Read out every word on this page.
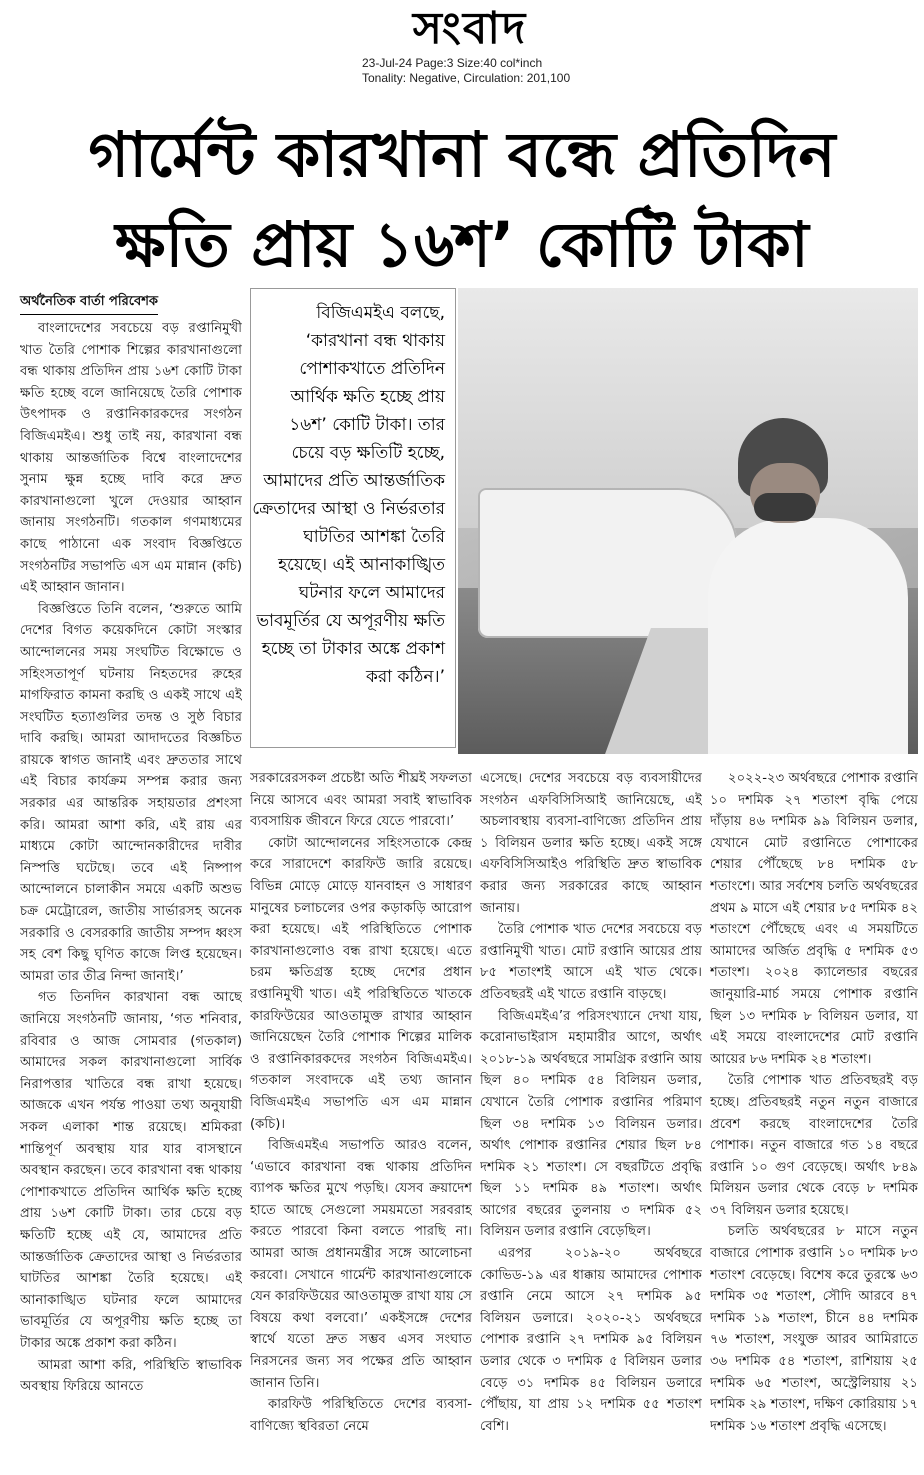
সংবাদ
23-Jul-24 Page:3 Size:40 col*inch
Tonality: Negative, Circulation: 201,100
গার্মেন্ট কারখানা বন্ধে প্রতিদিন
ক্ষতি প্রায় ১৬শ’ কোটি টাকা
অর্থনৈতিক বার্তা পরিবেশক

বাংলাদেশের সবচেয়ে বড় রপ্তানিমুখী খাত তৈরি পোশাক শিল্পের কারখানাগুলো বন্ধ থাকায় প্রতিদিন প্রায় ১৬শ কোটি টাকা ক্ষতি হচ্ছে বলে জানিয়েছে তৈরি পোশাক উৎপাদক ও রপ্তানিকারকদের সংগঠন বিজিএমইএ। শুধু তাই নয়, কারখানা বন্ধ থাকায় আন্তর্জাতিক বিশ্বে বাংলাদেশের সুনাম ক্ষুন্ন হচ্ছে দাবি করে দ্রুত কারখানাগুলো খুলে দেওয়ার আহ্বান জানায় সংগঠনটি। গতকাল গণমাধ্যমের কাছে পাঠানো এক সংবাদ বিজ্ঞপ্তিতে সংগঠনটির সভাপতি এস এম মান্নান (কচি) এই আহ্বান জানান।

বিজ্ঞপ্তিতে তিনি বলেন, ‘শুরুতে আমি দেশের বিগত কয়েকদিনে কোটা সংস্কার আন্দোলনের সময় সংঘটিত বিক্ষোভে ও সহিংসতাপূর্ণ ঘটনায় নিহতদের রুহের মাগফিরাত কামনা করছি ও একই সাথে এই সংঘটিত হত্যাগুলির তদন্ত ও সুষ্ঠ বিচার দাবি করছি। আমরা আদাদতের বিজ্ঞচিত রায়কে স্বাগত জানাই এবং দ্রুততার সাথে এই বিচার কার্যক্রম সম্পন্ন করার জন্য সরকার এর আন্তরিক সহায়তার প্রশংসা করি। আমরা আশা করি, এই রায় এর মাধ্যমে কোটা আন্দোনকারীদের দাবীর নিস্পত্তি ঘটেছে। তবে এই নিষ্পাপ আন্দোলনে চালাকীন সময়ে একটি অশুভ চক্র মেট্রোরেল, জাতীয় সার্ভারসহ অনেক সরকারি ও বেসরকারি জাতীয় সম্পদ ধ্বংস সহ বেশ কিছু ঘৃণিত কাজে লিপ্ত হয়েছেন। আমরা তার তীব্র নিন্দা জানাই।’

গত তিনদিন কারখানা বন্ধ আছে জানিয়ে সংগঠনটি জানায়, ‘গত শনিবার, রবিবার ও আজ সোমবার (গতকাল) আমাদের সকল কারখানাগুলো সার্বিক নিরাপত্তার খাতিরে বন্ধ রাখা হয়েছে। আজকে এখন পর্যন্ত পাওয়া তথ্য অনুযায়ী সকল এলাকা শান্ত রয়েছে। শ্রমিকরা শান্তিপূর্ণ অবস্থায় যার যার বাসস্থানে অবস্থান করছেন। তবে কারখানা বন্ধ থাকায় পোশাকখাতে প্রতিদিন আর্থিক ক্ষতি হচ্ছে প্রায় ১৬শ কোটি টাকা। তার চেয়ে বড় ক্ষতিটি হচ্ছে এই যে, আমাদের প্রতি আন্তর্জাতিক ক্রেতাদের আস্থা ও নির্ভরতার ঘাটতির আশঙ্কা তৈরি হয়েছে। এই আনাকাঙ্খিত ঘটনার ফলে আমাদের ভাবমূর্তির যে অপূরণীয় ক্ষতি হচ্ছে তা টাকার অঙ্কে প্রকাশ করা কঠিন।

আমরা আশা করি, পরিস্থিতি স্বাভাবিক অবস্থায় ফিরিয়ে আনতে

বিজিএমইএ বলছে, ‘কারখানা বন্ধ থাকায় পোশাকখাতে প্রতিদিন আর্থিক ক্ষতি হচ্ছে প্রায় ১৬শ’ কোটি টাকা। তার চেয়ে বড় ক্ষতিটি হচ্ছে, আমাদের প্রতি আন্তর্জাতিক ক্রেতাদের আস্থা ও নির্ভরতার ঘাটতির আশঙ্কা তৈরি হয়েছে। এই আনাকাঙ্খিত ঘটনার ফলে আমাদের ভাবমূর্তির যে অপূরণীয় ক্ষতি হচ্ছে তা টাকার অঙ্কে প্রকাশ করা কঠিন।’

সরকারেরসকল প্রচেষ্টা অতি শীঘ্রই সফলতা নিয়ে আসবে এবং আমরা সবাই স্বাভাবিক ব্যবসায়িক জীবনে ফিরে যেতে পারবো।’

কোটা আন্দোলনের সহিংসতাকে কেন্দ্র করে সারাদেশে কারফিউ জারি রয়েছে। বিভিন্ন মোড়ে মোড়ে যানবাহন ও সাধারণ মানুষের চলাচলের ওপর কড়াকড়ি আরোপ করা হয়েছে। এই পরিস্থিতিতে পোশাক কারখানাগুলোও বন্ধ রাখা হয়েছে। এতে চরম ক্ষতিগ্রস্ত হচ্ছে দেশের প্রধান রপ্তানিমুখী খাত। এই পরিস্থিতিতে খাতকে কারফিউয়ের আওতামুক্ত রাখার আহ্বান জানিয়েছেন তৈরি পোশাক শিল্পের মালিক ও রপ্তানিকারকদের সংগঠন বিজিএমইএ। গতকাল সংবাদকে এই তথ্য জানান বিজিএমইএ সভাপতি এস এম মান্নান (কচি)।

বিজিএমইএ সভাপতি আরও বলেন, ‘এভাবে কারখানা বন্ধ থাকায় প্রতিদিন ব্যাপক ক্ষতির মুখে পড়ছি। যেসব ক্রয়াদেশ হাতে আছে সেগুলো সময়মতো সরবরাহ করতে পারবো কিনা বলতে পারছি না। আমরা আজ প্রধানমন্ত্রীর সঙ্গে আলোচনা করবো। সেখানে গার্মেন্ট কারখানাগুলোকে যেন কারফিউয়ের আওতামুক্ত রাখা যায় সে বিষয়ে কথা বলবো।’ একইসঙ্গে দেশের স্বার্থে যতো দ্রুত সম্ভব এসব সংঘাত নিরসনের জন্য সব পক্ষের প্রতি আহ্বান জানান তিনি।

কারফিউ পরিস্থিতিতে দেশের ব্যবসা-বাণিজ্যে স্থবিরতা নেমে

এসেছে। দেশের সবচেয়ে বড় ব্যবসায়ীদের সংগঠন এফবিসিসিআই জানিয়েছে, এই অচলাবস্থায় ব্যবসা-বাণিজ্যে প্রতিদিন প্রায় ১ বিলিয়ন ডলার ক্ষতি হচ্ছে। একই সঙ্গে এফবিসিসিআইও পরিস্থিতি দ্রুত স্বাভাবিক করার জন্য সরকারের কাছে আহ্বান জানায়।

তৈরি পোশাক খাত দেশের সবচেয়ে বড় রপ্তানিমুখী খাত। মোট রপ্তানি আয়ের প্রায় ৮৫ শতাংশই আসে এই খাত থেকে। প্রতিবছরই এই খাতে রপ্তানি বাড়ছে।

বিজিএমইএ’র পরিসংখ্যানে দেখা যায়, করোনাভাইরাস মহামারীর আগে, অর্থাৎ ২০১৮-১৯ অর্থবছরে সামগ্রিক রপ্তানি আয় ছিল ৪০ দশমিক ৫৪ বিলিয়ন ডলার, যেখানে তৈরি পোশাক রপ্তানির পরিমাণ ছিল ৩৪ দশমিক ১৩ বিলিয়ন ডলার। অর্থাৎ পোশাক রপ্তানির শেয়ার ছিল ৮৪ দশমিক ২১ শতাংশ। সে বছরটিতে প্রবৃদ্ধি ছিল ১১ দশমিক ৪৯ শতাংশ। অর্থাৎ আগের বছরের তুলনায় ৩ দশমিক ৫২ বিলিয়ন ডলার রপ্তানি বেড়েছিল।

এরপর ২০১৯-২০ অর্থবছরে কোভিড-১৯ এর ধাক্কায় আমাদের পোশাক রপ্তানি নেমে আসে ২৭ দশমিক ৯৫ বিলিয়ন ডলারে। ২০২০-২১ অর্থবছরে পোশাক রপ্তানি ২৭ দশমিক ৯৫ বিলিয়ন ডলার থেকে ৩ দশমিক ৫ বিলিয়ন ডলার বেড়ে ৩১ দশমিক ৪৫ বিলিয়ন ডলারে পৌঁছায়, যা প্রায় ১২ দশমিক ৫৫ শতাংশ বেশি।

২০২২-২৩ অর্থবছরে পোশাক রপ্তানি ১০ দশমিক ২৭ শতাংশ বৃদ্ধি পেয়ে দাঁড়ায় ৪৬ দশমিক ৯৯ বিলিয়ন ডলার, যেখানে মোট রপ্তানিতে পোশাকের শেয়ার পৌঁছেছে ৮৪ দশমিক ৫৮ শতাংশে। আর সর্বশেষ চলতি অর্থবছরের প্রথম ৯ মাসে এই শেয়ার ৮৫ দশমিক ৪২ শতাংশে পৌঁছেছে এবং এ সময়টিতে আমাদের অর্জিত প্রবৃদ্ধি ৫ দশমিক ৫৩ শতাংশ। ২০২৪ ক্যালেন্ডার বছরের জানুয়ারি-মার্চ সময়ে পোশাক রপ্তানি ছিল ১৩ দশমিক ৮ বিলিয়ন ডলার, যা এই সময়ে বাংলাদেশের মোট রপ্তানি আয়ের ৮৬ দশমিক ২৪ শতাংশ।

তৈরি পোশাক খাত প্রতিবছরই বড় হচ্ছে। প্রতিবছরই নতুন নতুন বাজারে প্রবেশ করছে বাংলাদেশের তৈরি পোশাক। নতুন বাজারে গত ১৪ বছরে রপ্তানি ১০ গুণ বেড়েছে। অর্থাৎ ৮৪৯ মিলিয়ন ডলার থেকে বেড়ে ৮ দশমিক ৩৭ বিলিয়ন ডলার হয়েছে।

চলতি অর্থবছরের ৮ মাসে নতুন বাজারে পোশাক রপ্তানি ১০ দশমিক ৮৩ শতাংশ বেড়েছে। বিশেষ করে তুরস্কে ৬৩ দশমিক ৩৫ শতাংশ, সৌদি আরবে ৪৭ দশমিক ১৯ শতাংশ, চীনে ৪৪ দশমিক ৭৬ শতাংশ, সংযুক্ত আরব আমিরাতে ৩৬ দশমিক ৫৪ শতাংশ, রাশিয়ায় ২৫ দশমিক ৬৫ শতাংশ, অস্ট্রেলিয়ায় ২১ দশমিক ২৯ শতাংশ, দক্ষিণ কোরিয়ায় ১৭ দশমিক ১৬ শতাংশ প্রবৃদ্ধি এসেছে।
